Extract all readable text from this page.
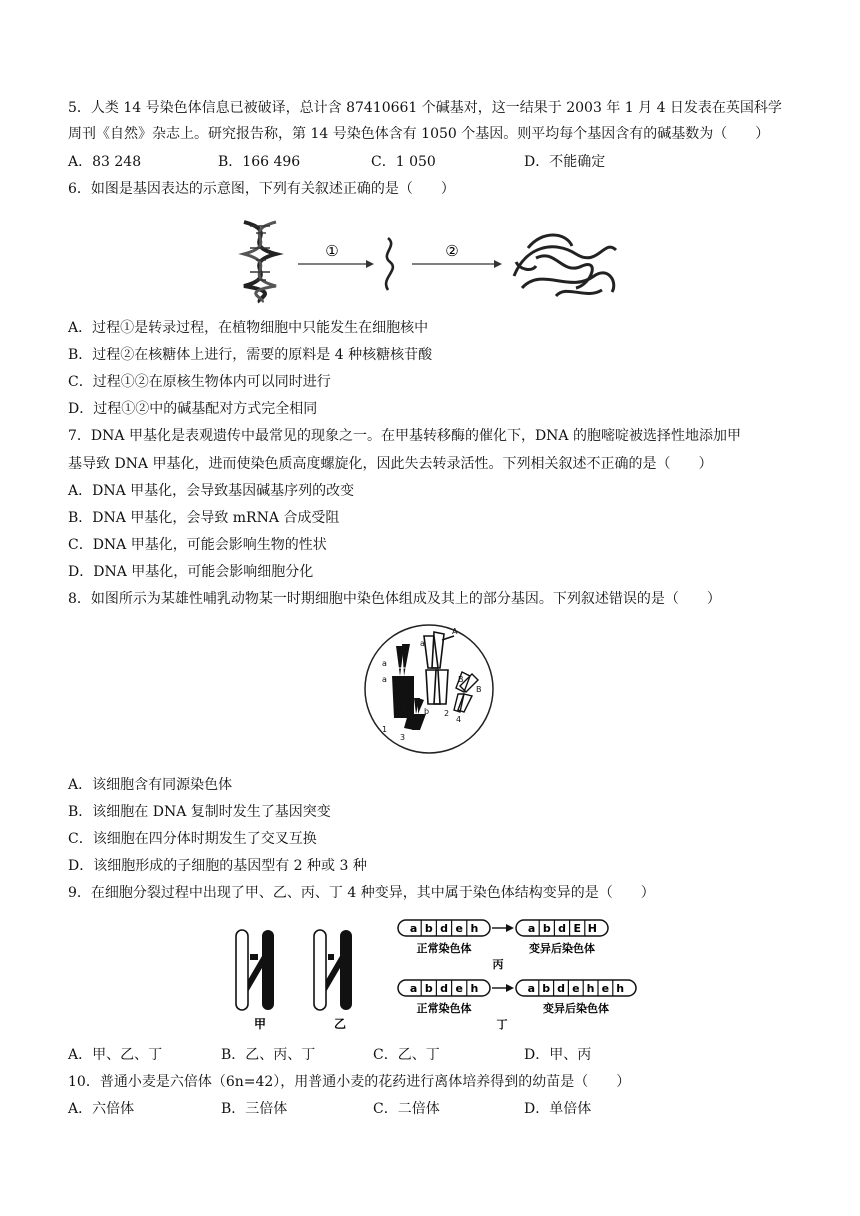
5．人类 14 号染色体信息已被破译，总计含 87410661 个碱基对，这一结果于 2003 年 1 月 4 日发表在英国科学
周刊《自然》杂志上。研究报告称，第 14 号染色体含有 1050 个基因。则平均每个基因含有的碱基数为（　　）
A．83 248	B．166 496	C．1 050	D．不能确定
6．如图是基因表达的示意图，下列有关叙述正确的是（　　）
①	②
A．过程①是转录过程，在植物细胞中只能发生在细胞核中
B．过程②在核糖体上进行，需要的原料是 4 种核糖核苷酸
C．过程①②在原核生物体内可以同时进行
D．过程①②中的碱基配对方式完全相同
7．DNA 甲基化是表观遗传中最常见的现象之一。在甲基转移酶的催化下，DNA 的胞嘧啶被选择性地添加甲
基导致 DNA 甲基化，进而使染色质高度螺旋化，因此失去转录活性。下列相关叙述不正确的是（　　）
A．DNA 甲基化，会导致基因碱基序列的改变
B．DNA 甲基化，会导致 mRNA 合成受阻
C．DNA 甲基化，可能会影响生物的性状
D．DNA 甲基化，可能会影响细胞分化
8．如图所示为某雄性哺乳动物某一时期细胞中染色体组成及其上的部分基因。下列叙述错误的是（　　）
a
a
a
A
b b
B
B
1
2
3
4
A．该细胞含有同源染色体
B．该细胞在 DNA 复制时发生了基因突变
C．该细胞在四分体时期发生了交叉互换
D．该细胞形成的子细胞的基因型有 2 种或 3 种
9．在细胞分裂过程中出现了甲、乙、丙、丁 4 种变异，其中属于染色体结构变异的是（　　）
甲	乙
a b d e h	a b d E H
正常染色体	变异后染色体
丙
a b d e h	a b d e h e h
正常染色体	变异后染色体
丁
A．甲、乙、丁	B．乙、丙、丁	C．乙、丁	D．甲、丙
10．普通小麦是六倍体（6n=42），用普通小麦的花药进行离体培养得到的幼苗是（　　）
A．六倍体	B．三倍体	C．二倍体	D．单倍体
